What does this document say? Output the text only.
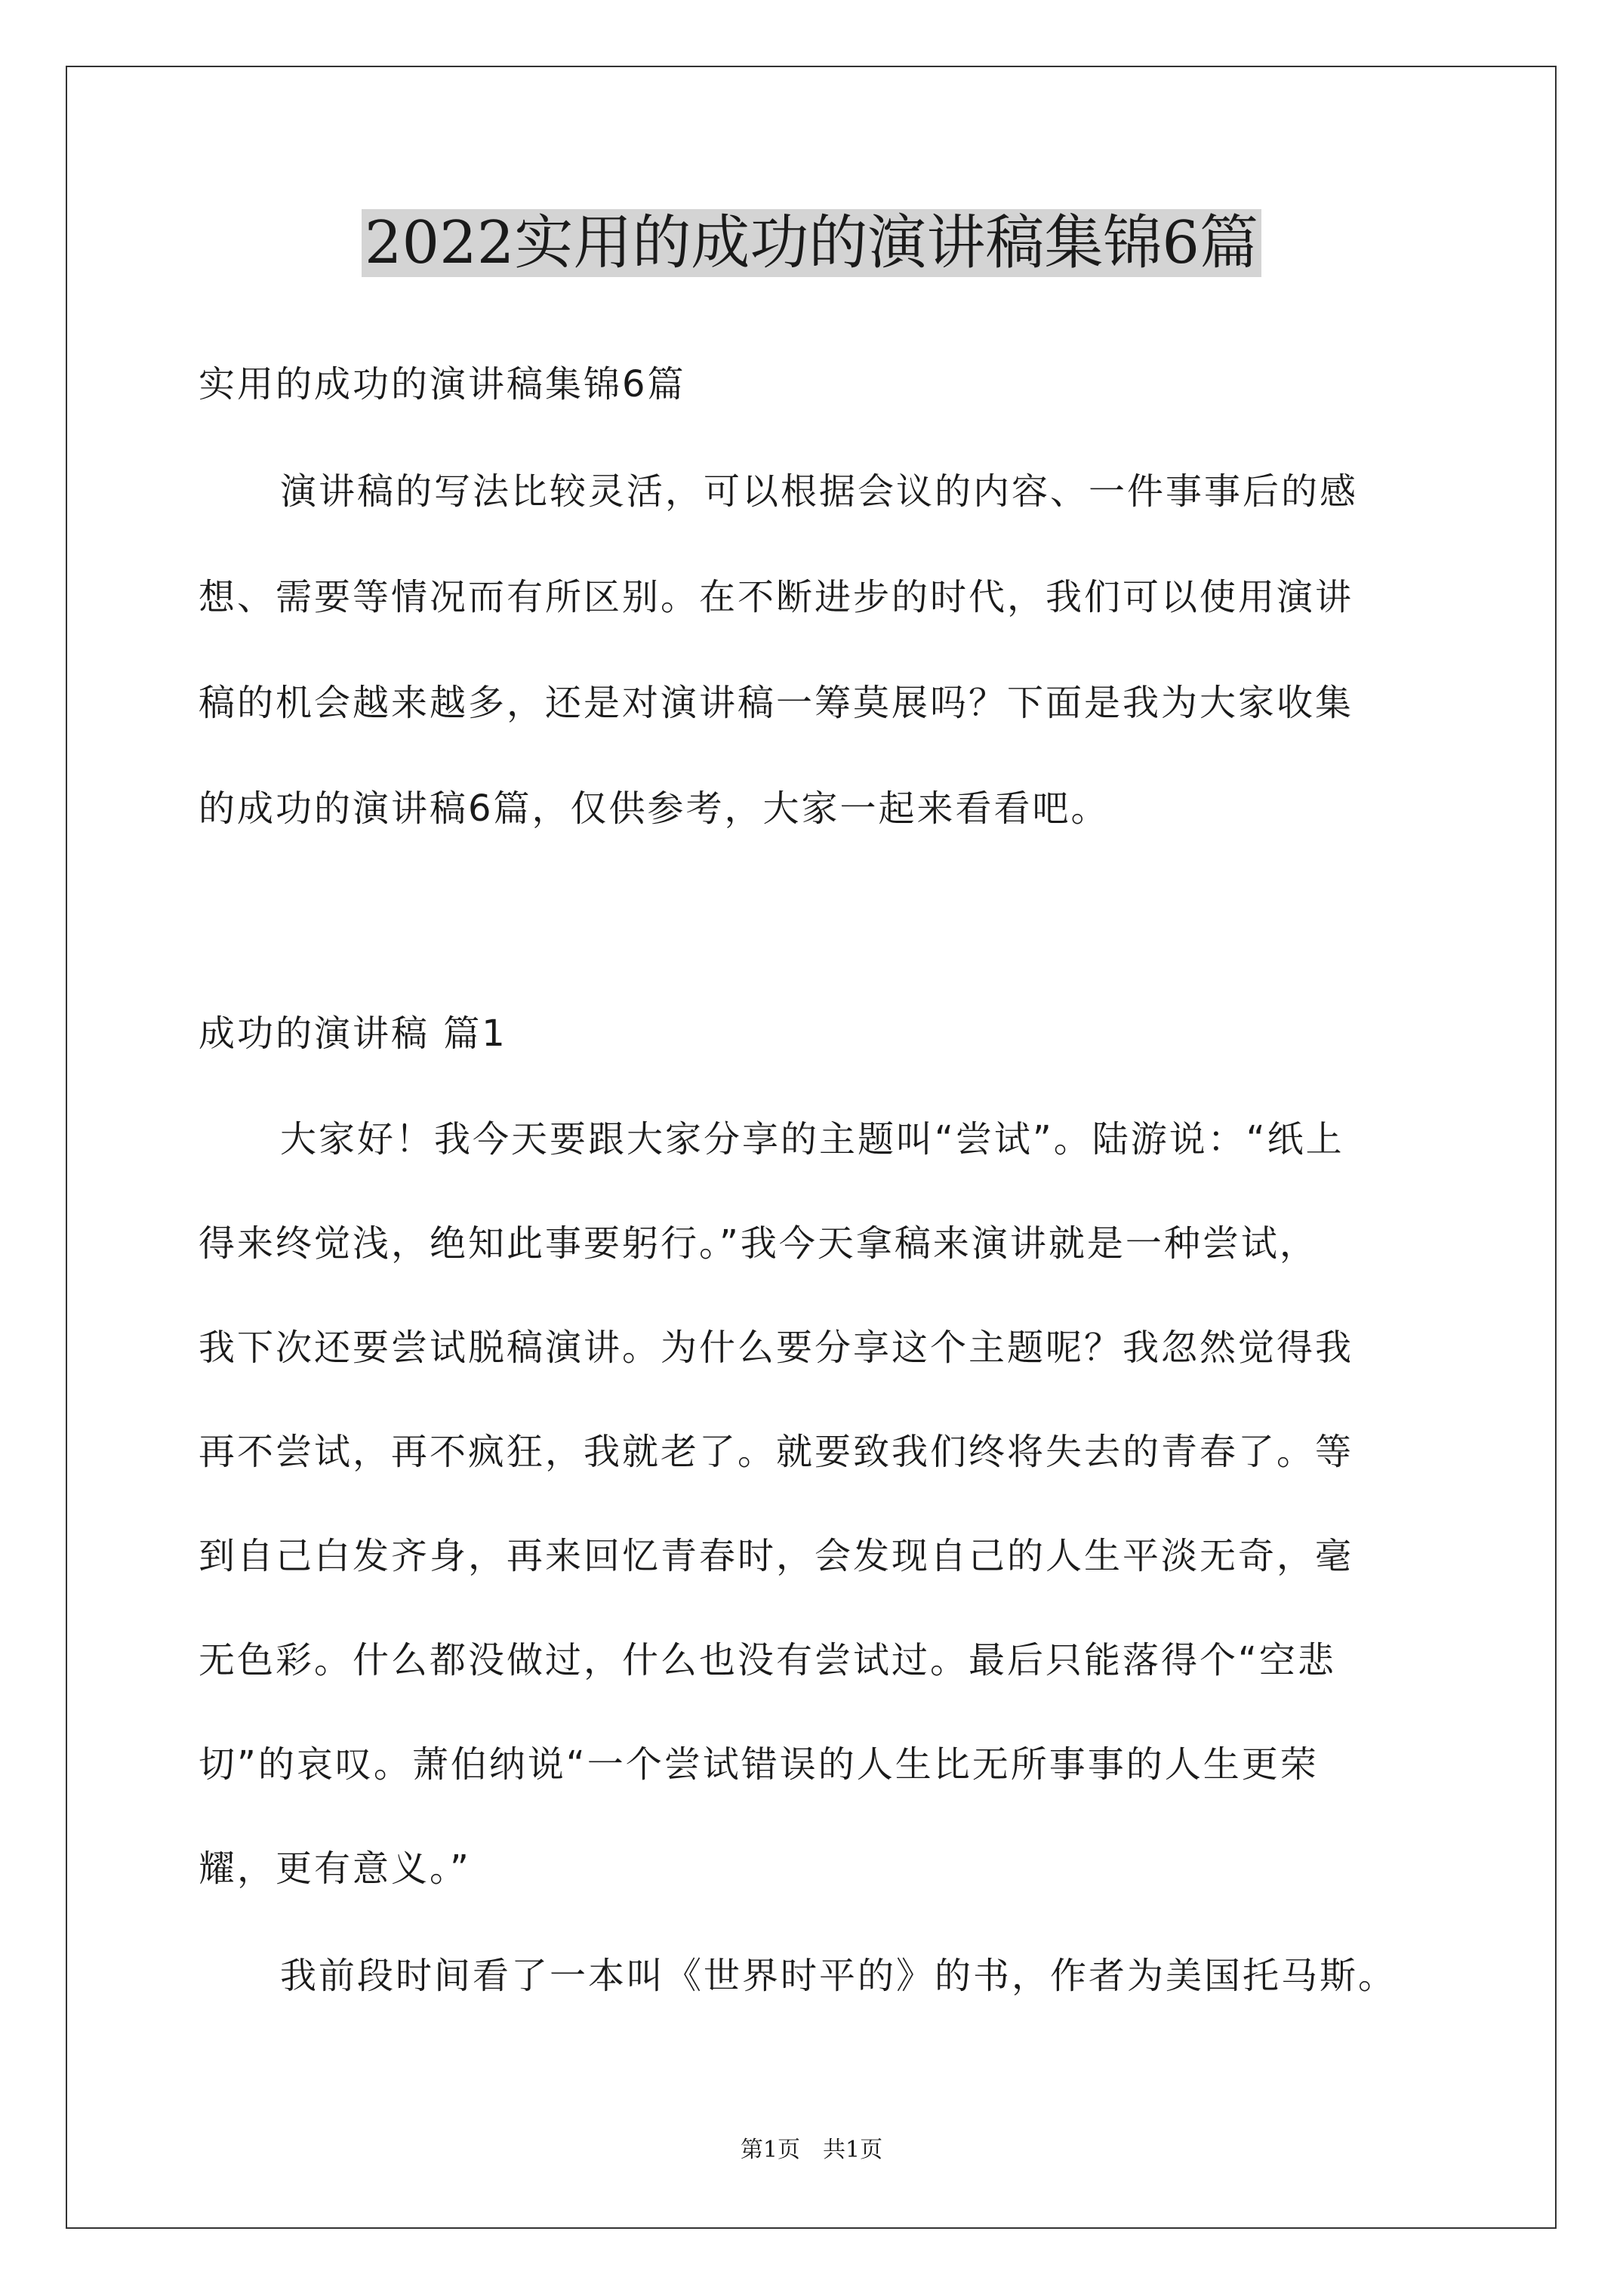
2022实用的成功的演讲稿集锦6篇
实用的成功的演讲稿集锦6篇
演讲稿的写法比较灵活，可以根据会议的内容、一件事事后的感
想、需要等情况而有所区别。在不断进步的时代，我们可以使用演讲
稿的机会越来越多，还是对演讲稿一筹莫展吗？下面是我为大家收集
的成功的演讲稿6篇，仅供参考，大家一起来看看吧。
成功的演讲稿 篇1
大家好！我今天要跟大家分享的主题叫“尝试”。陆游说：“纸上
得来终觉浅，绝知此事要躬行。”我今天拿稿来演讲就是一种尝试，
我下次还要尝试脱稿演讲。为什么要分享这个主题呢？我忽然觉得我
再不尝试，再不疯狂，我就老了。就要致我们终将失去的青春了。等
到自己白发齐身，再来回忆青春时，会发现自己的人生平淡无奇，毫
无色彩。什么都没做过，什么也没有尝试过。最后只能落得个“空悲
切”的哀叹。萧伯纳说“一个尝试错误的人生比无所事事的人生更荣
耀，更有意义。”
我前段时间看了一本叫《世界时平的》的书，作者为美国托马斯。
第1页　共1页
